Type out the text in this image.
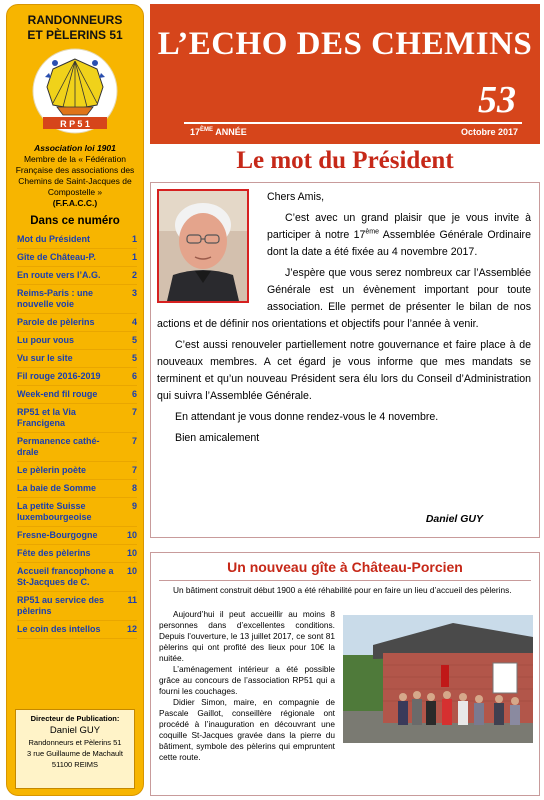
RANDONNEURS
ET PÈLERINS 51
R P 5 1
Association loi 1901
Membre de la « Fédération
Française des associations des
Chemins de Saint-Jacques de
Compostelle »
(F.F.A.C.C.)
Dans ce numéro
Mot du Président	1
Gîte de Château-P.	1
En route vers l’A.G.	2
Reims-Paris : une nouvelle voie
3
Parole de pèlerins	4
Lu pour vous	5
Vu sur le site	5
Fil rouge 2016-2019	6
Week-end fil rouge	6
RP51 et la Via Francigena
7
Permanence cathé-drale
7
Le pèlerin poète	7
La baie de Somme	8
La petite Suisse luxembourgeoise
9
Fresne-Bourgogne	10
Fête des pèlerins	10
Accueil francophone a St-Jacques de C.
10
RP51 au service des pèlerins
11
Le coin des intellos	12
Directeur de Publication:
Daniel GUY
Randonneurs et Pèlerins 51
3 rue Guillaume de Machault
51100 REIMS
L’ECHO DES CHEMINS
53
17ÈME ANNÉE	Octobre 2017
Le mot du Président

Chers Amis,

C’est avec un grand plaisir que je vous invite à participer à notre 17ème Assemblée Générale Ordinaire dont la date a été fixée au 4 novembre 2017.

J’espère que vous serez nombreux car l’Assemblée Générale est un évènement important pour toute association. Elle permet de présenter le bilan de nos actions et de définir nos orientations et objectifs pour l’année à venir.

C’est aussi renouveler partiellement notre gouvernance et faire place à de nouveaux membres. A cet égard je vous informe que mes mandats se terminent et qu’un nouveau Président sera élu lors du Conseil d’Administration qui suivra l’Assemblée Générale.

En attendant je vous donne rendez-vous le 4 novembre.

Bien amicalement

Daniel GUY
Un nouveau gîte à Château-Porcien

Un bâtiment construit début 1900 a été réhabilité pour en faire un lieu d’accueil des pèlerins.

Aujourd’hui il peut accueillir au moins 8 personnes dans d’excellentes conditions. Depuis l’ouverture, le 13 juillet 2017, ce sont 81 pèlerins qui ont profité des lieux pour 10€ la nuitée.

L’aménagement intérieur a été possible grâce au concours de l’association RP51 qui a fourni les couchages.

Didier Simon, maire, en compagnie de Pascale Gaillot, conseillère régionale ont procédé à l’inauguration en découvrant une coquille St-Jacques gravée dans la pierre du bâtiment, symbole des pèlerins qui empruntent cette route.
